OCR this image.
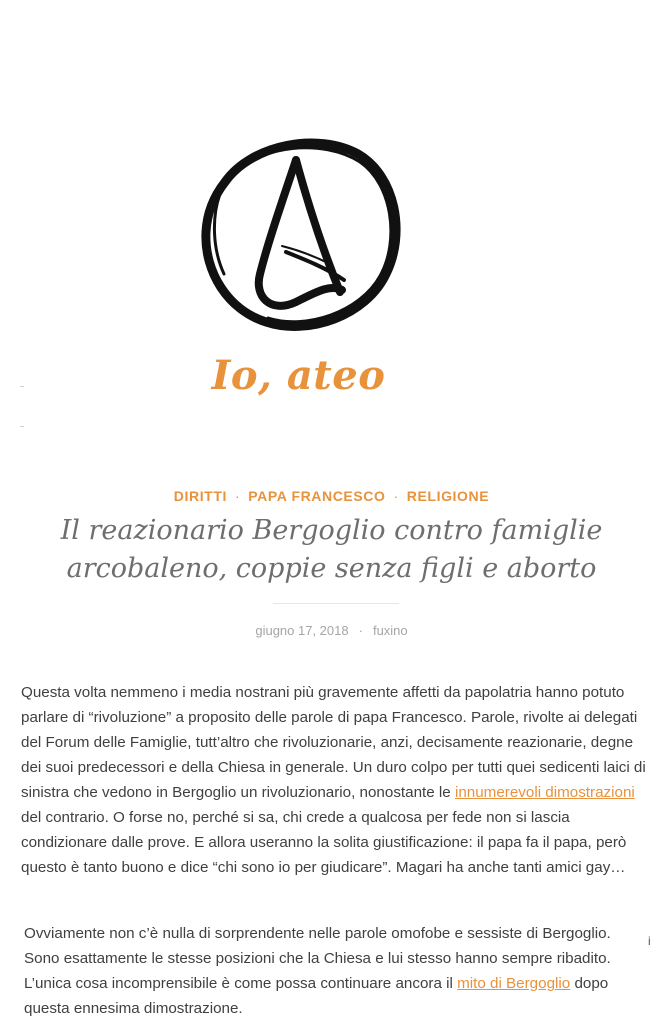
Io, ateo
DIRITTI · PAPA FRANCESCO · RELIGIONE
Il reazionario Bergoglio contro famiglie arcobaleno, coppie senza figli e aborto
giugno 17, 2018 · fuxino

Questa volta nemmeno i media nostrani più gravemente affetti da papolatria hanno potuto parlare di “rivoluzione” a proposito delle parole di papa Francesco. Parole, rivolte ai delegati del Forum delle Famiglie, tutt’altro che rivoluzionarie, anzi, decisamente reazionarie, degne dei suoi predecessori e della Chiesa in generale. Un duro colpo per tutti quei sedicenti laici di sinistra che vedono in Bergoglio un rivoluzionario, nonostante le innumerevoli dimostrazioni del contrario. O forse no, perché si sa, chi crede a qualcosa per fede non si lascia condizionare dalle prove. E allora useranno la solita giustificazione: il papa fa il papa, però questo è tanto buono e dice “chi sono io per giudicare”. Magari ha anche tanti amici gay…

Ovviamente non c’è nulla di sorprendente nelle parole omofobe e sessiste di Bergoglio. Sono esattamente le stesse posizioni che la Chiesa e lui stesso hanno sempre ribadito. L’unica cosa incomprensibile è come possa continuare ancora il mito di Bergoglio dopo questa ennesima dimostrazione.

i
